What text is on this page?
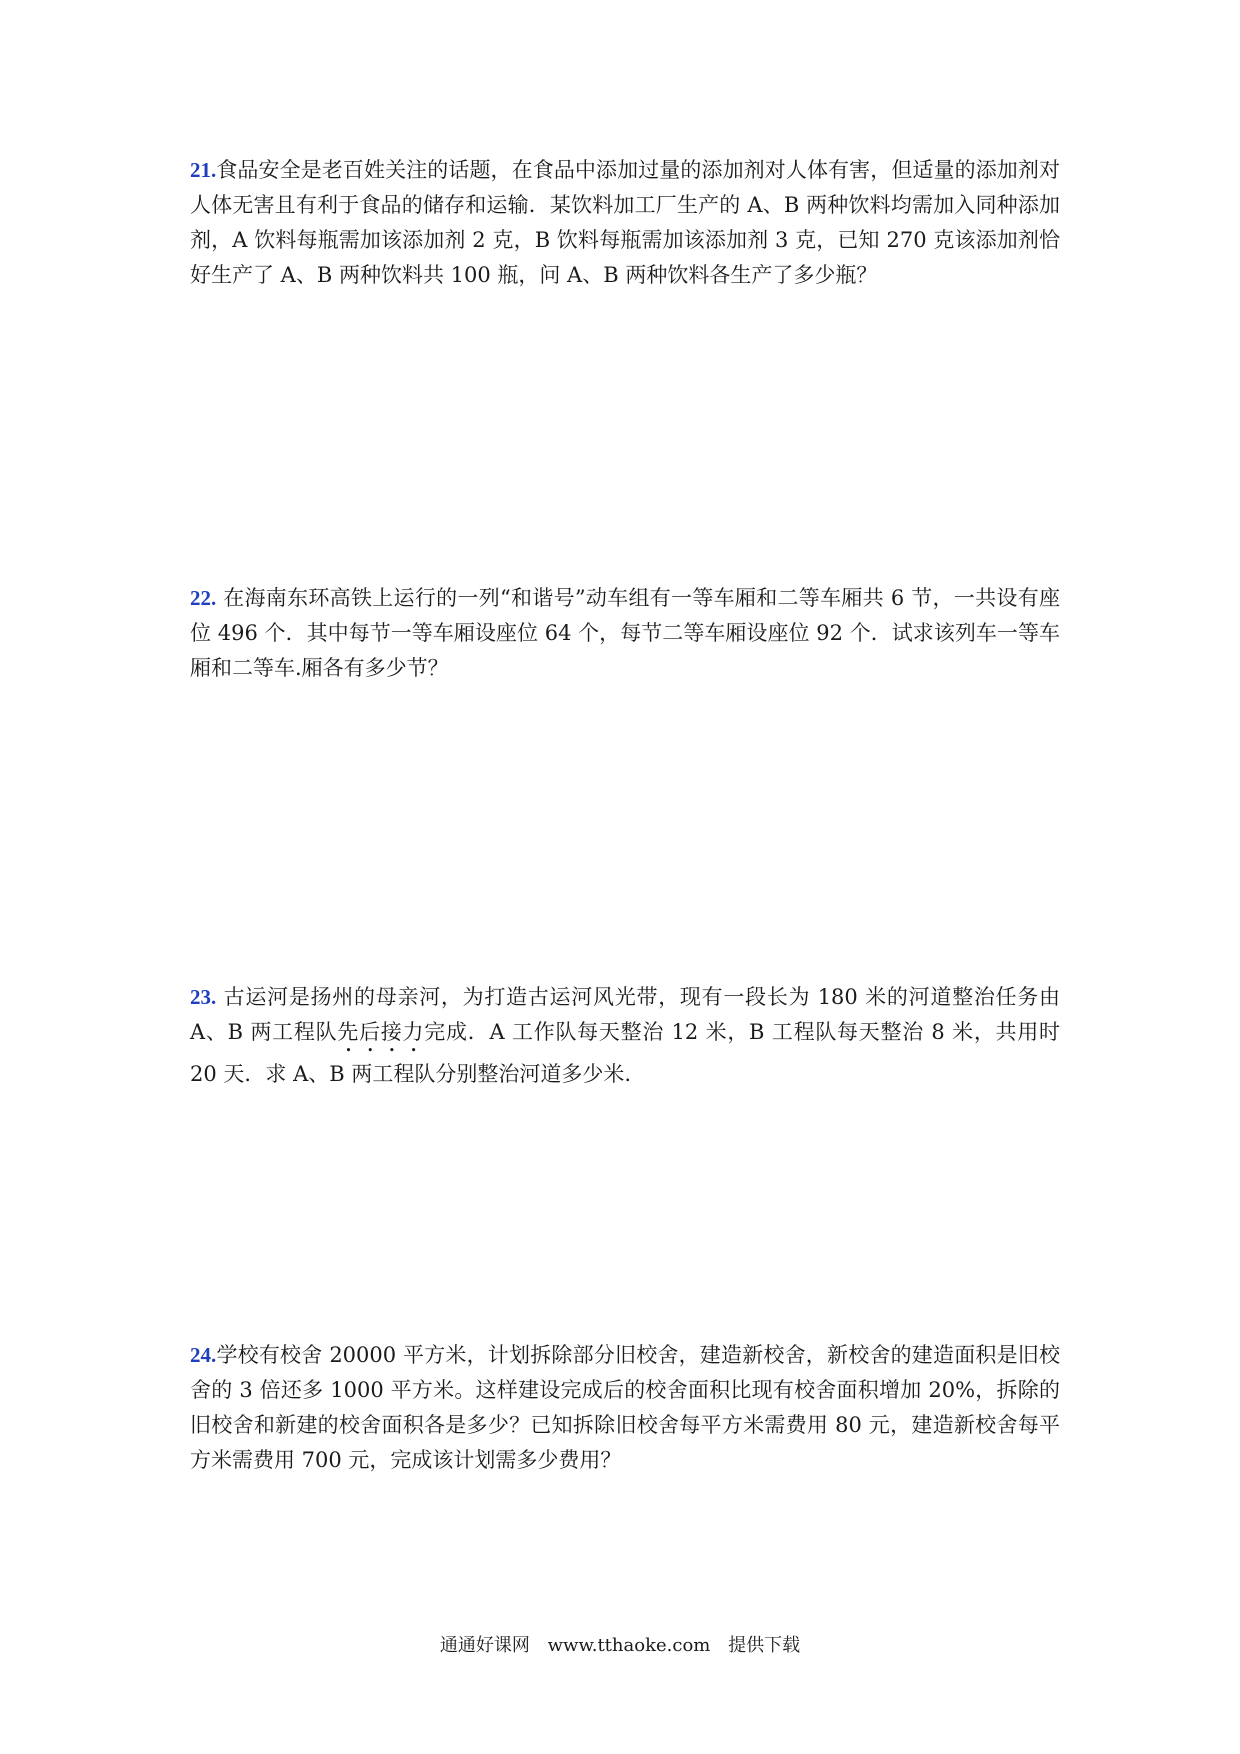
21.食品安全是老百姓关注的话题，在食品中添加过量的添加剂对人体有害，但适量的添加剂对人体无害且有利于食品的储存和运输．某饮料加工厂生产的 A、B 两种饮料均需加入同种添加剂，A 饮料每瓶需加该添加剂 2 克，B 饮料每瓶需加该添加剂 3 克，已知 270 克该添加剂恰好生产了 A、B 两种饮料共 100 瓶，问 A、B 两种饮料各生产了多少瓶？

22. 在海南东环高铁上运行的一列“和谐号”动车组有一等车厢和二等车厢共 6 节，一共设有座位 496 个．其中每节一等车厢设座位 64 个，每节二等车厢设座位 92 个．试求该列车一等车厢和二等车.厢各有多少节？

23. 古运河是扬州的母亲河，为打造古运河风光带，现有一段长为 180 米的河道整治任务由 A、B 两工程队先后接力完成．A 工作队每天整治 12 米，B 工程队每天整治 8 米，共用时 20 天．求 A、B 两工程队分别整治河道多少米.

24.学校有校舍 20000 平方米，计划拆除部分旧校舍，建造新校舍，新校舍的建造面积是旧校舍的 3 倍还多 1000 平方米。这样建设完成后的校舍面积比现有校舍面积增加 20%，拆除的旧校舍和新建的校舍面积各是多少？已知拆除旧校舍每平方米需费用 80 元，建造新校舍每平方米需费用 700 元，完成该计划需多少费用？

通通好课网 www.tthaoke.com 提供下载
